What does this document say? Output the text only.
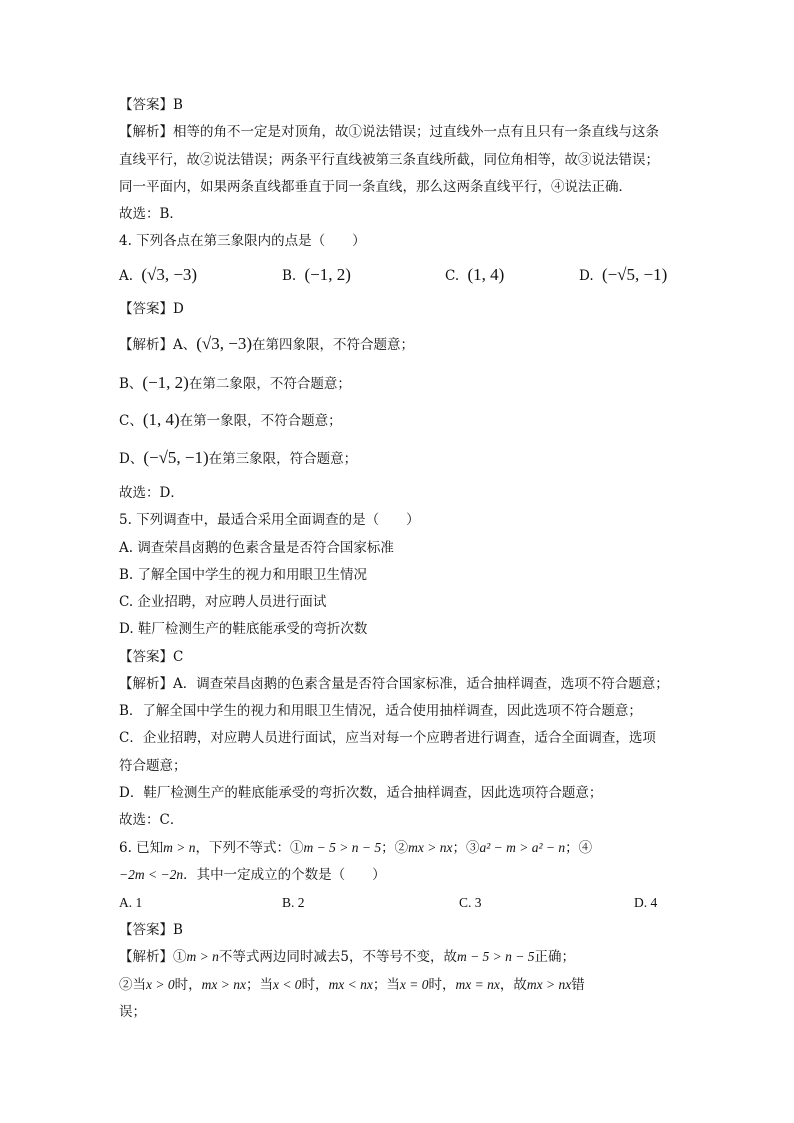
【答案】B
【解析】相等的角不一定是对顶角，故①说法错误；过直线外一点有且只有一条直线与这条
直线平行，故②说法错误；两条平行直线被第三条直线所截，同位角相等，故③说法错误；
同一平面内，如果两条直线都垂直于同一条直线，那么这两条直线平行，④说法正确．
故选：B．
4. 下列各点在第三象限内的点是（　　）
A. (√3, −3)	B. (−1, 2)	C. (1, 4)	D. (−√5, −1)
【答案】D
【解析】A、(√3, −3)在第四象限，不符合题意；
B、(−1, 2)在第二象限，不符合题意；
C、(1, 4)在第一象限，不符合题意；
D、(−√5, −1)在第三象限，符合题意；
故选：D．
5. 下列调查中，最适合采用全面调查的是（　　）
A. 调查荣昌卤鹅的色素含量是否符合国家标准
B. 了解全国中学生的视力和用眼卫生情况
C. 企业招聘，对应聘人员进行面试
D. 鞋厂检测生产的鞋底能承受的弯折次数
【答案】C
【解析】A．调查荣昌卤鹅的色素含量是否符合国家标准，适合抽样调查，选项不符合题意；
B．了解全国中学生的视力和用眼卫生情况，适合使用抽样调查，因此选项不符合题意；
C．企业招聘，对应聘人员进行面试，应当对每一个应聘者进行调查，适合全面调查，选项
符合题意；
D．鞋厂检测生产的鞋底能承受的弯折次数，适合抽样调查，因此选项符合题意；
故选：C．
6. 已知m > n，下列不等式：①m − 5 > n − 5；②mx > nx；③a² − m > a² − n；④
−2m < −2n．其中一定成立的个数是（　　）
A. 1	B. 2	C. 3	D. 4
【答案】B
【解析】①m > n不等式两边同时减去5，不等号不变，故m − 5 > n − 5正确；
②当x > 0时，mx > nx；当x < 0时，mx < nx；当x = 0时，mx = nx，故mx > nx错
误；
